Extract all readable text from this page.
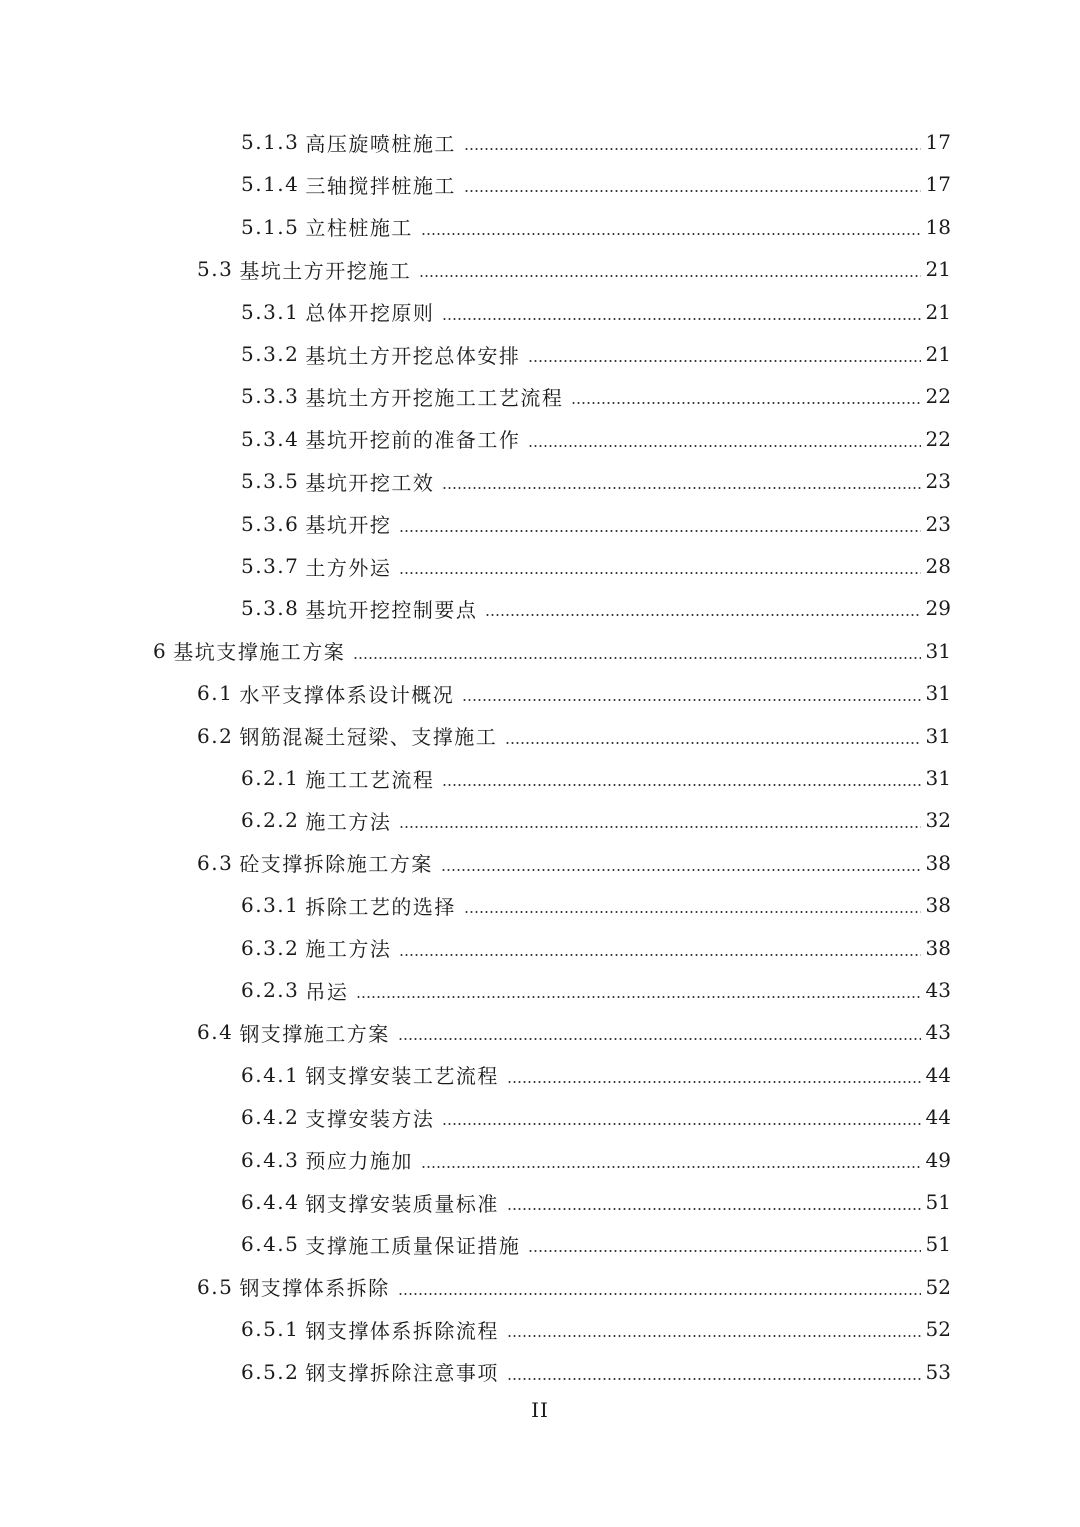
5.1.3 高压旋喷桩施工	17
5.1.4 三轴搅拌桩施工	17
5.1.5 立柱桩施工	18
5.3 基坑土方开挖施工	21
5.3.1 总体开挖原则	21
5.3.2 基坑土方开挖总体安排	21
5.3.3 基坑土方开挖施工工艺流程	22
5.3.4 基坑开挖前的准备工作	22
5.3.5 基坑开挖工效	23
5.3.6 基坑开挖	23
5.3.7 土方外运	28
5.3.8 基坑开挖控制要点	29
6 基坑支撑施工方案	31
6.1 水平支撑体系设计概况	31
6.2 钢筋混凝土冠梁、支撑施工	31
6.2.1 施工工艺流程	31
6.2.2 施工方法	32
6.3 砼支撑拆除施工方案	38
6.3.1 拆除工艺的选择	38
6.3.2 施工方法	38
6.2.3 吊运	43
6.4 钢支撑施工方案	43
6.4.1 钢支撑安装工艺流程	44
6.4.2 支撑安装方法	44
6.4.3 预应力施加	49
6.4.4 钢支撑安装质量标准	51
6.4.5 支撑施工质量保证措施	51
6.5 钢支撑体系拆除	52
6.5.1 钢支撑体系拆除流程	52
6.5.2 钢支撑拆除注意事项	53
II
